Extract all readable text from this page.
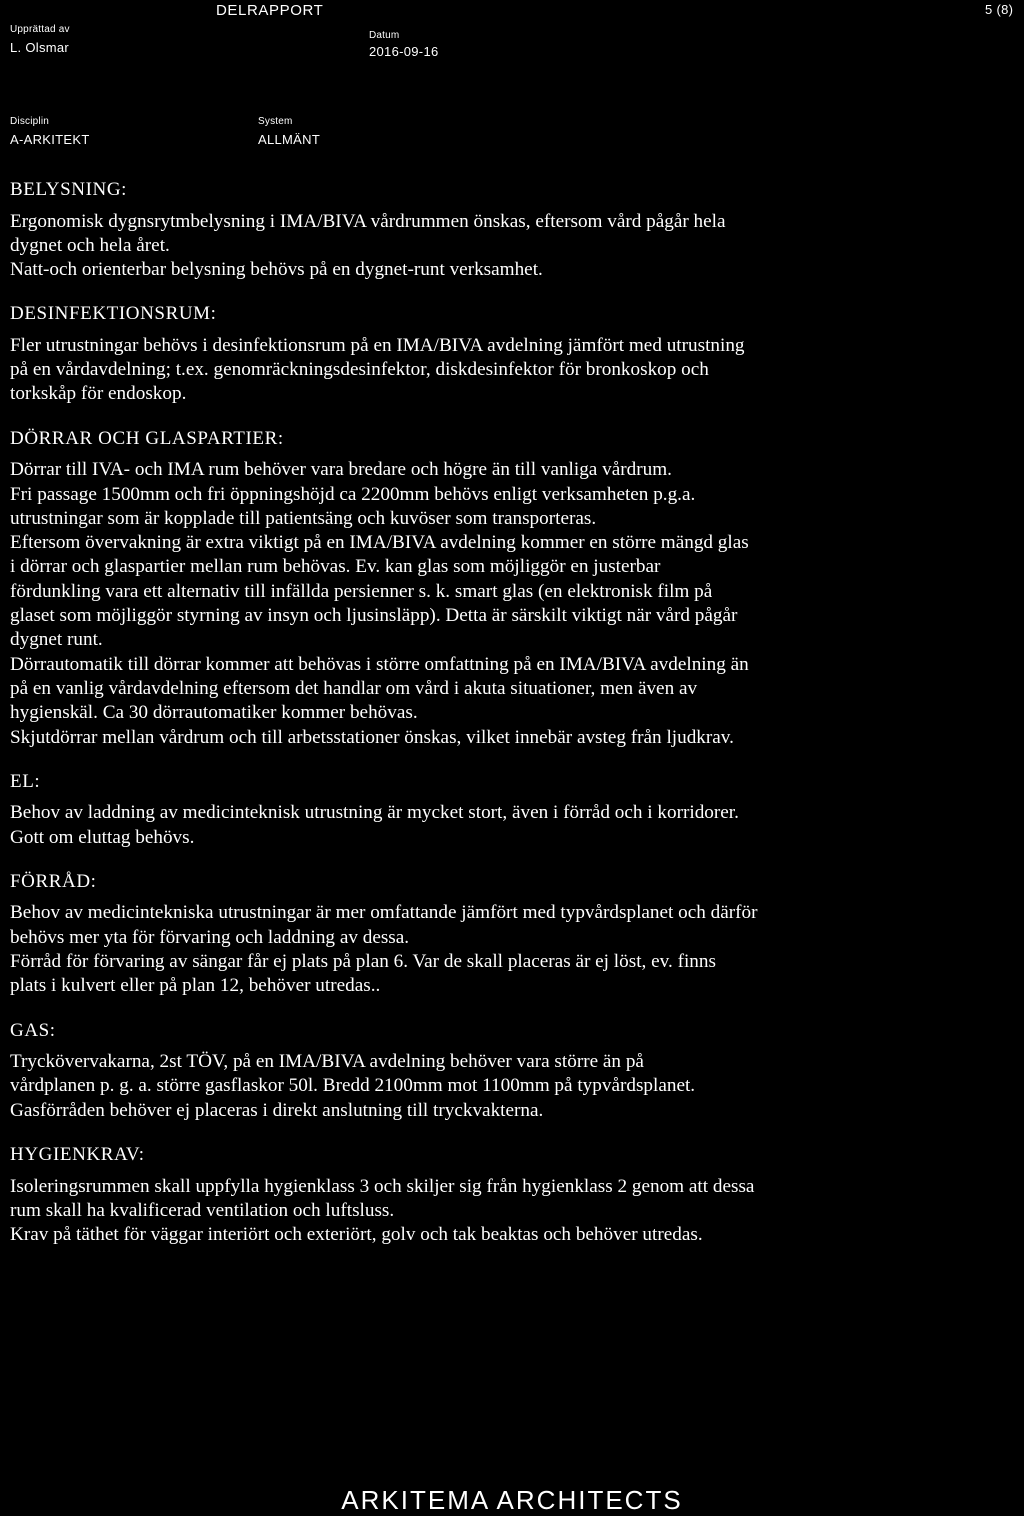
DELRAPPORT	5 (8)
Upprättad av
L. Olsmar
Datum
2016-09-16
Disciplin
A-ARKITEKT
System
ALLMÄNT
BELYSNING:
Ergonomisk dygnsrytmbelysning i IMA/BIVA vårdrummen önskas, eftersom vård pågår hela
dygnet och hela året.
Natt-och orienterbar belysning behövs på en dygnet-runt verksamhet.
DESINFEKTIONSRUM:
Fler utrustningar behövs i desinfektionsrum på en IMA/BIVA avdelning jämfört med utrustning
på en vårdavdelning; t.ex. genomräckningsdesinfektor, diskdesinfektor för bronkoskop och
torkskåp för endoskop.
DÖRRAR OCH GLASPARTIER:
Dörrar till IVA- och IMA rum behöver vara bredare och högre än till vanliga vårdrum.
Fri passage 1500mm och fri öppningshöjd ca 2200mm behövs enligt verksamheten p.g.a.
utrustningar som är kopplade till patientsäng och kuvöser som transporteras.
Eftersom övervakning är extra viktigt på en IMA/BIVA avdelning kommer en större mängd glas
i dörrar och glaspartier mellan rum behövas. Ev. kan glas som möjliggör en justerbar
fördunkling vara ett alternativ till infällda persienner s. k. smart glas (en elektronisk film på
glaset som möjliggör styrning av insyn och ljusinsläpp). Detta är särskilt viktigt när vård pågår
dygnet runt.
Dörrautomatik till dörrar kommer att behövas i större omfattning på en IMA/BIVA avdelning än
på en vanlig vårdavdelning eftersom det handlar om vård i akuta situationer, men även av
hygienskäl. Ca 30 dörrautomatiker kommer behövas.
Skjutdörrar mellan vårdrum och till arbetsstationer önskas, vilket innebär avsteg från ljudkrav.
EL:
Behov av laddning av medicinteknisk utrustning är mycket stort, även i förråd och i korridorer.
Gott om eluttag behövs.
FÖRRÅD:
Behov av medicintekniska utrustningar är mer omfattande jämfört med typvårdsplanet och därför
behövs mer yta för förvaring och laddning av dessa.
Förråd för förvaring av sängar får ej plats på plan 6. Var de skall placeras är ej löst, ev. finns
plats i kulvert eller på plan 12, behöver utredas..
GAS:
Tryckövervakarna, 2st TÖV, på en IMA/BIVA avdelning behöver vara större än på
vårdplanen p. g. a. större gasflaskor 50l. Bredd 2100mm mot 1100mm på typvårdsplanet.
Gasförråden behöver ej placeras i direkt anslutning till tryckvakterna.
HYGIENKRAV:
Isoleringsrummen skall uppfylla hygienklass 3 och skiljer sig från hygienklass 2 genom att dessa
rum skall ha kvalificerad ventilation och luftsluss.
Krav på täthet för väggar interiört och exteriört, golv och tak beaktas och behöver utredas.
ARKITEMA ARCHITECTS
